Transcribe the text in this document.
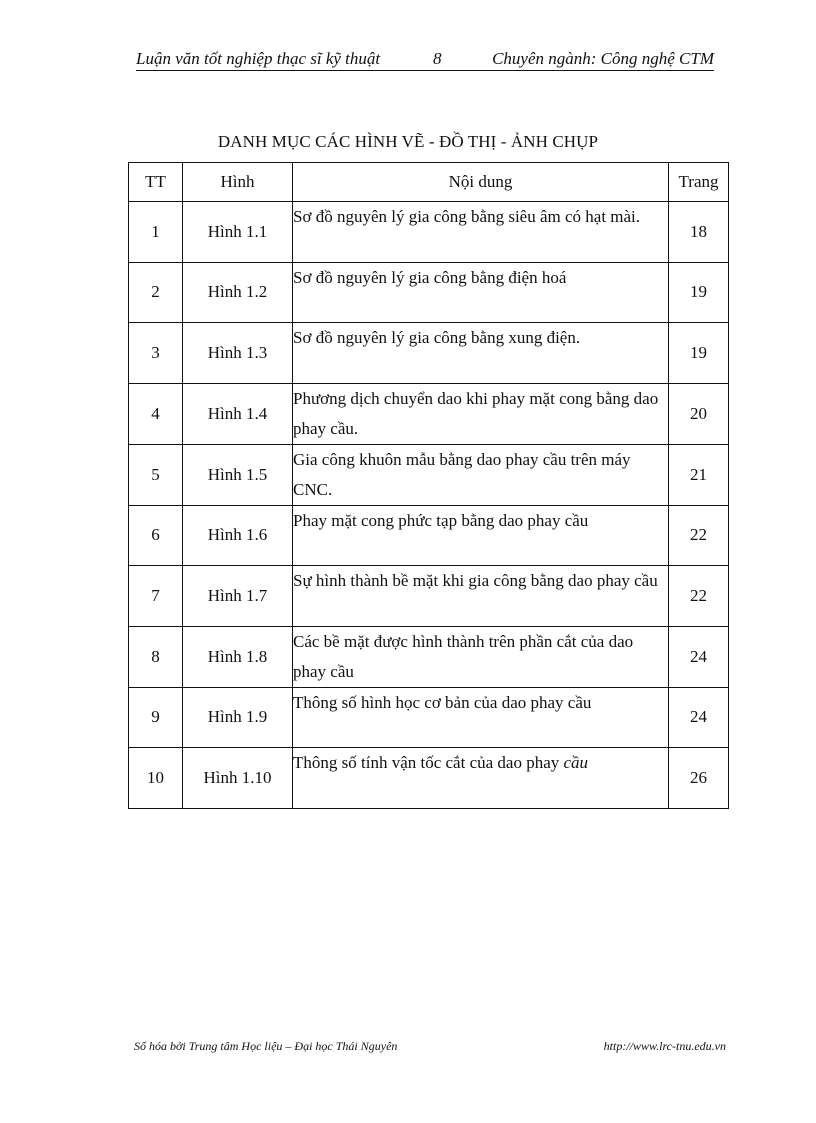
Luận văn tốt nghiệp thạc sĩ kỹ thuật	8	Chuyên ngành: Công nghệ CTM
DANH MỤC CÁC HÌNH VẼ - ĐỒ THỊ - ẢNH CHỤP
TT	Hình	Nội dung	Trang
1	Hình 1.1	Sơ đồ nguyên lý gia công bằng siêu âm có hạt mài.	18
2	Hình 1.2	Sơ đồ nguyên lý gia công bằng điện hoá	19
3	Hình 1.3	Sơ đồ nguyên lý gia công bằng xung điện.	19
4	Hình 1.4	Phương dịch chuyển dao khi phay mặt cong bằng dao phay cầu.	20
5	Hình 1.5	Gia công khuôn mẫu bằng dao phay cầu trên máy CNC.	21
6	Hình 1.6	Phay mặt cong phức tạp bằng dao phay cầu	22
7	Hình 1.7	Sự hình thành bề mặt khi gia công bằng dao phay cầu	22
8	Hình 1.8	Các bề mặt được hình thành trên phần cắt của dao phay cầu	24
9	Hình 1.9	Thông số hình học cơ bản của dao phay cầu	24
10	Hình 1.10	Thông số tính vận tốc cắt của dao phay cầu	26
Số hóa bởi Trung tâm Học liệu – Đại học Thái Nguyên	http://www.lrc-tnu.edu.vn
